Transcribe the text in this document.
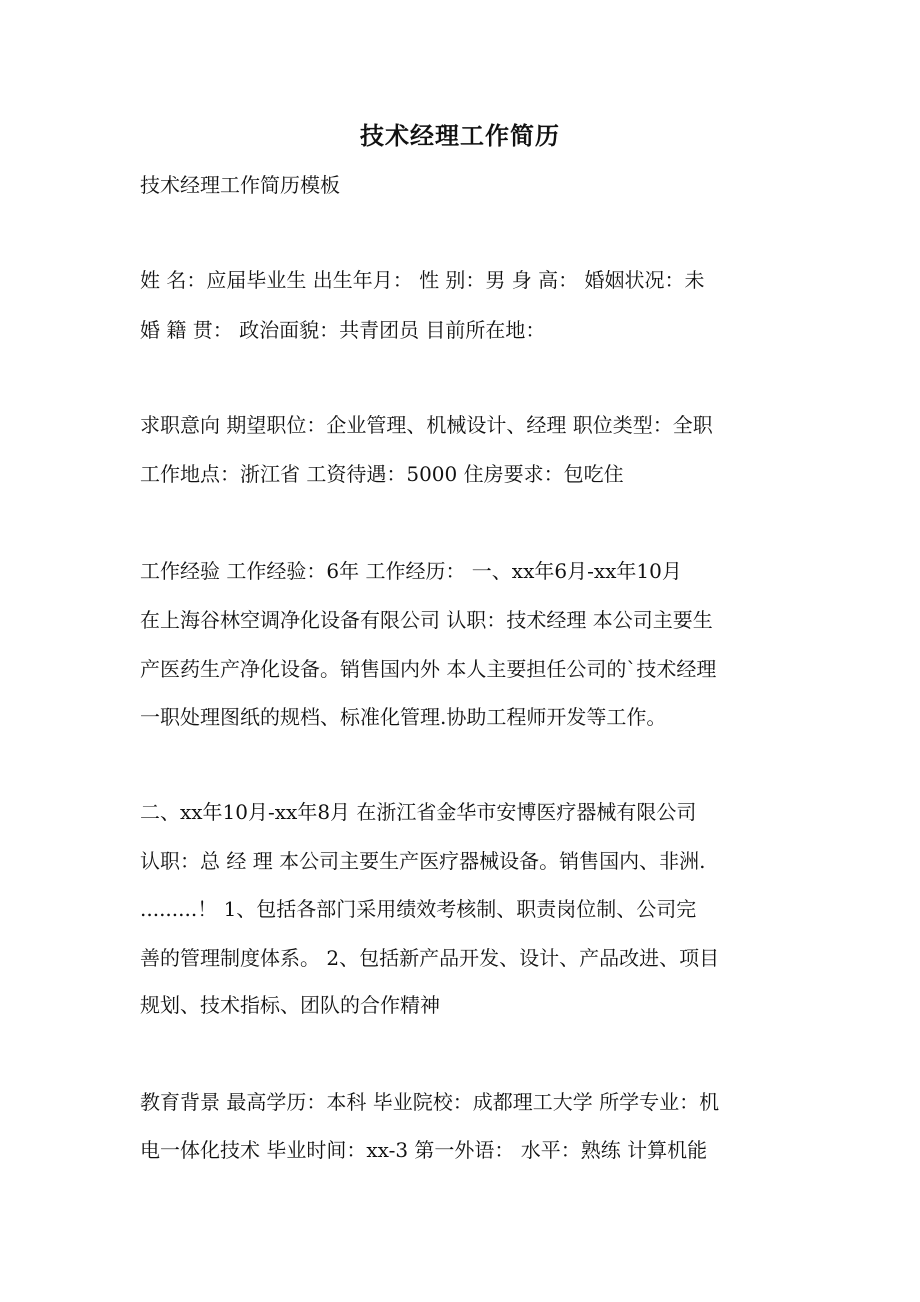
技术经理工作简历
技术经理工作简历模板
姓 名：应届毕业生 出生年月： 性 别：男 身 高： 婚姻状况：未
婚 籍 贯： 政治面貌：共青团员 目前所在地：
求职意向 期望职位：企业管理、机械设计、经理 职位类型：全职
工作地点：浙江省 工资待遇：5000 住房要求：包吃住
工作经验 工作经验：6年 工作经历： 一、xx年6月-xx年10月
在上海谷林空调净化设备有限公司 认职：技术经理 本公司主要生
产医药生产净化设备。销售国内外 本人主要担任公司的`技术经理
一职处理图纸的规档、标准化管理.协助工程师开发等工作。
二、xx年10月-xx年8月 在浙江省金华市安博医疗器械有限公司
认职：总 经 理 本公司主要生产医疗器械设备。销售国内、非洲.
.........！ 1、包括各部门采用绩效考核制、职责岗位制、公司完
善的管理制度体系。 2、包括新产品开发、设计、产品改进、项目
规划、技术指标、团队的合作精神
教育背景 最高学历：本科 毕业院校：成都理工大学 所学专业：机
电一体化技术 毕业时间：xx-3 第一外语： 水平：熟练 计算机能
